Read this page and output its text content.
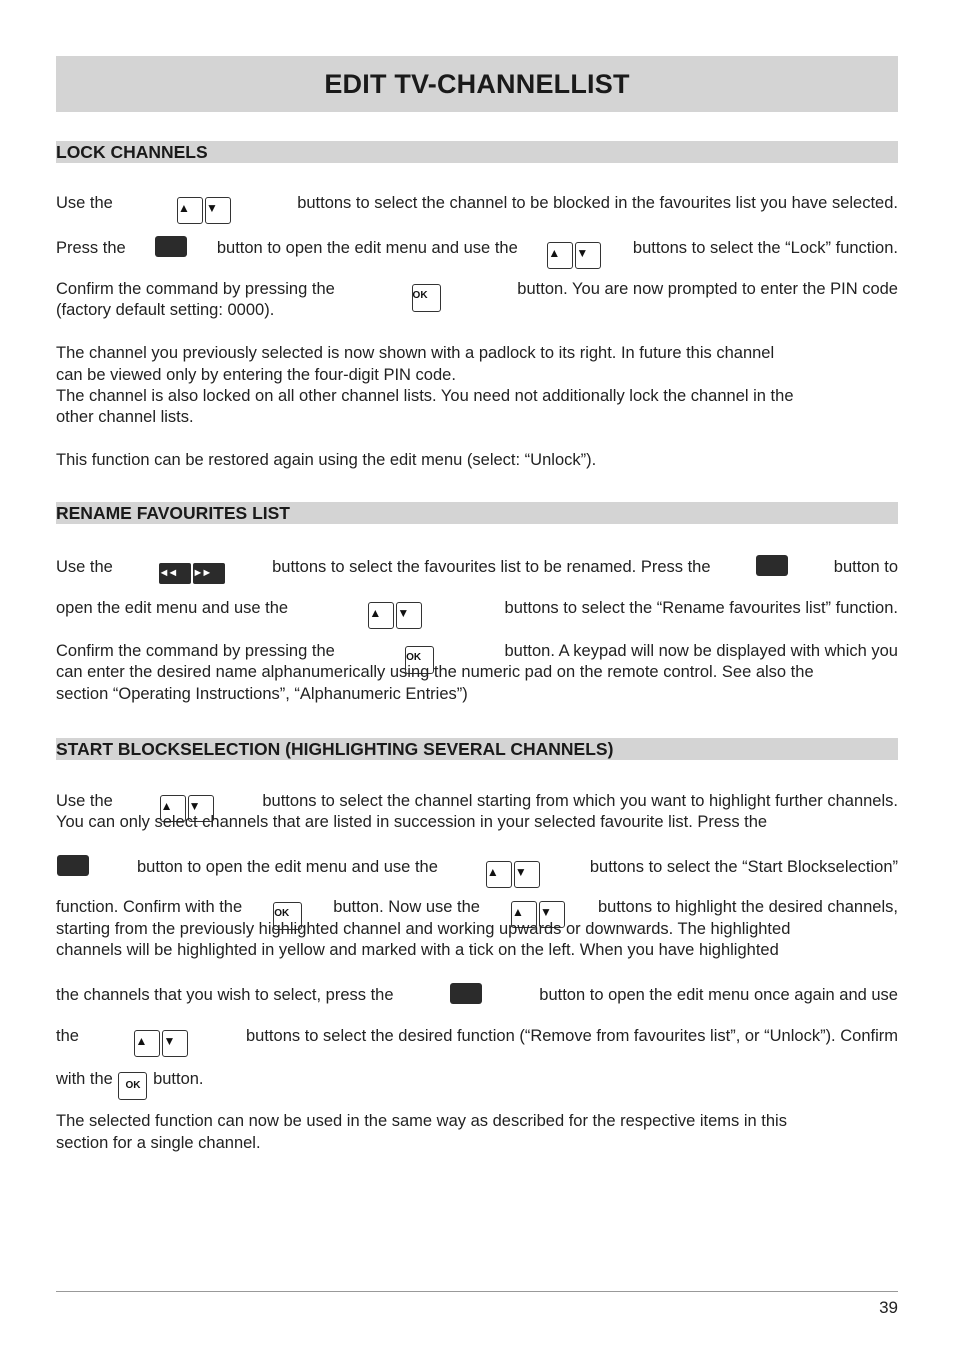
EDIT TV-CHANNELLIST
LOCK CHANNELS
Use the	▲ ▼	buttons to select the channel to be blocked in the favourites list you have selected.
Press the	button to open the edit menu and use the	▲ ▼	buttons to select the “Lock” function.
Confirm the command by pressing the	OK	button. You are now prompted to enter the PIN code
(factory default setting: 0000).
The channel you previously selected is now shown with a padlock to its right. In future this channel
can be viewed only by entering the four-digit PIN code.
The channel is also locked on all other channel lists. You need not additionally lock the channel in the
other channel lists.
This function can be restored again using the edit menu (select: “Unlock”).
RENAME FAVOURITES LIST
Use the	◄◄ ►►	buttons to select the favourites list to be renamed. Press the	button to
open the edit menu and use the	▲ ▼	buttons to select the “Rename favourites list” function.
Confirm the command by pressing the	OK	button. A keypad will now be displayed with which you
can enter the desired name alphanumerically using the numeric pad on the remote control. See also the
section “Operating Instructions”, “Alphanumeric Entries”)
START BLOCKSELECTION (HIGHLIGHTING SEVERAL CHANNELS)
Use the	▲ ▼	buttons to select the channel starting from which you want to highlight further channels.
You can only select channels that are listed in succession in your selected favourite list. Press the
button to open the edit menu and use the	▲ ▼	buttons to select the “Start Blockselection”
function. Confirm with the	OK	button. Now use the	▲ ▼	buttons to highlight the desired channels,
starting from the previously highlighted channel and working upwards or downwards. The highlighted
channels will be highlighted in yellow and marked with a tick on the left. When you have highlighted
the channels that you wish to select, press the	button to open the edit menu once again and use
the	▲ ▼	buttons to select the desired function (“Remove from favourites list”, or “Unlock”). Confirm
with the	OK button.
The selected function can now be used in the same way as described for the respective items in this
section for a single channel.
39
